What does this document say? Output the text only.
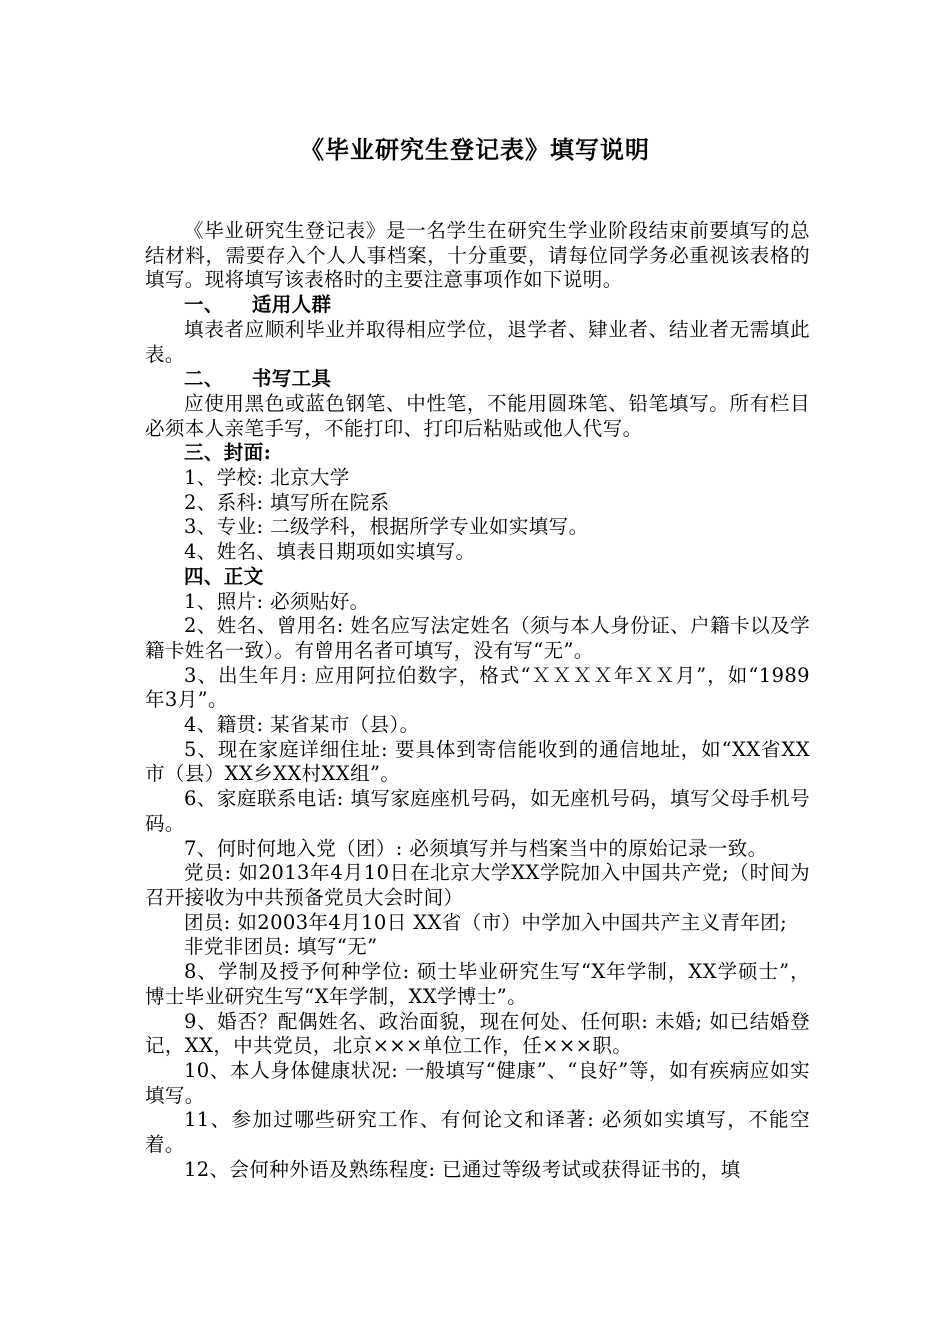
《毕业研究生登记表》填写说明

《毕业研究生登记表》是一名学生在研究生学业阶段结束前要填写的总结材料，需要存入个人人事档案，十分重要，请每位同学务必重视该表格的填写。现将填写该表格时的主要注意事项作如下说明。

一、 适用人群

填表者应顺利毕业并取得相应学位，退学者、肄业者、结业者无需填此表。

二、 书写工具

应使用黑色或蓝色钢笔、中性笔，不能用圆珠笔、铅笔填写。所有栏目必须本人亲笔手写，不能打印、打印后粘贴或他人代写。

三、封面:

1、学校: 北京大学

2、系科: 填写所在院系

3、专业: 二级学科，根据所学专业如实填写。

4、姓名、填表日期项如实填写。

四、正文

1、照片: 必须贴好。

2、姓名、曾用名: 姓名应写法定姓名（须与本人身份证、户籍卡以及学籍卡姓名一致）。有曾用名者可填写，没有写“无”。

3、出生年月: 应用阿拉伯数字，格式“ＸＸＸＸ年ＸＸ月”，如“1989年3月”。

4、籍贯: 某省某市（县）。

5、现在家庭详细住址: 要具体到寄信能收到的通信地址，如“XX省XX市（县）XX乡XX村XX组”。

6、家庭联系电话: 填写家庭座机号码，如无座机号码，填写父母手机号码。

7、何时何地入党（团）: 必须填写并与档案当中的原始记录一致。

党员: 如2013年4月10日在北京大学XX学院加入中国共产党;（时间为召开接收为中共预备党员大会时间）

团员: 如2003年4月10日 XX省（市）中学加入中国共产主义青年团;

非党非团员: 填写“无”

8、学制及授予何种学位: 硕士毕业研究生写“X年学制，XX学硕士”，博士毕业研究生写“X年学制，XX学博士”。

9、婚否？配偶姓名、政治面貌，现在何处、任何职: 未婚; 如已结婚登记，XX，中共党员，北京×××单位工作，任×××职。

10、本人身体健康状况: 一般填写“健康”、“良好”等，如有疾病应如实填写。

11、参加过哪些研究工作、有何论文和译著: 必须如实填写，不能空着。

12、会何种外语及熟练程度: 已通过等级考试或获得证书的，填
